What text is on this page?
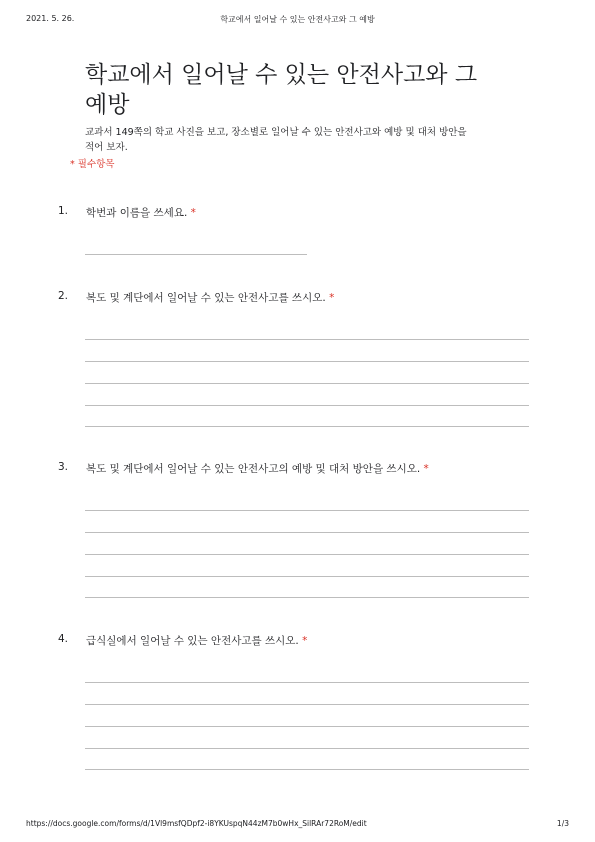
2021. 5. 26.	학교에서 일어날 수 있는 안전사고와 그 예방
학교에서 일어날 수 있는 안전사고와 그
예방
교과서 149쪽의 학교 사진을 보고, 장소별로 일어날 수 있는 안전사고와 예방 및 대처 방안을
적어 보자.
* 필수항목
1. 학번과 이름을 쓰세요. *
2. 복도 및 계단에서 일어날 수 있는 안전사고를 쓰시오. *
3. 복도 및 계단에서 일어날 수 있는 안전사고의 예방 및 대처 방안을 쓰시오. *
4. 급식실에서 일어날 수 있는 안전사고를 쓰시오. *
https://docs.google.com/forms/d/1Vl9msfQDpf2-i8YKUspqN44zM7b0wHx_SilRAr72RoM/edit	1/3
